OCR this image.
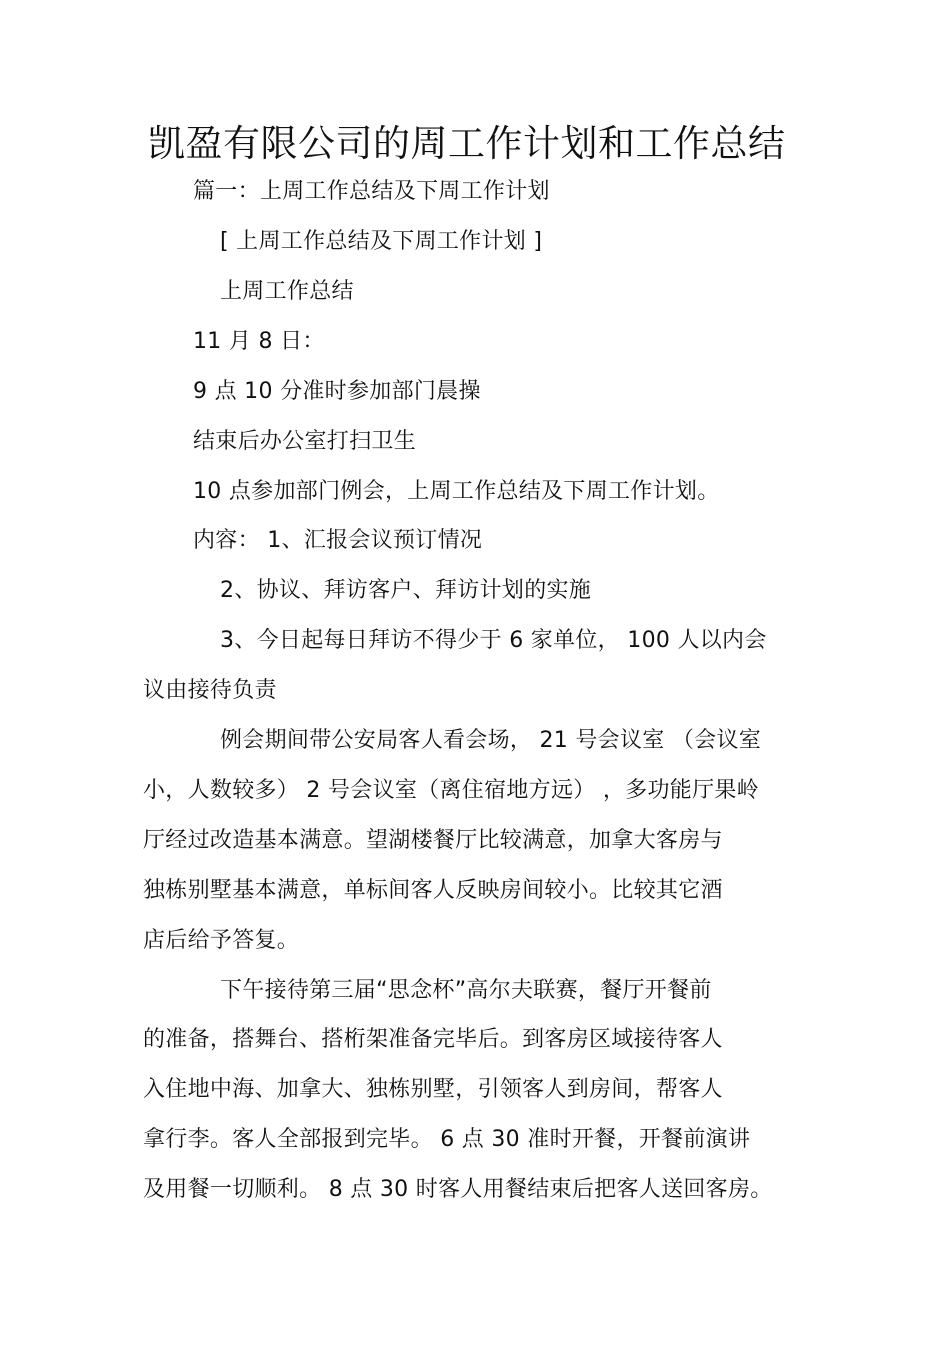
凯盈有限公司的周工作计划和工作总结
篇一：上周工作总结及下周工作计划
[ 上周工作总结及下周工作计划 ]
上周工作总结
11 月 8 日：
9 点 10 分准时参加部门晨操
结束后办公室打扫卫生
10 点参加部门例会，上周工作总结及下周工作计划。
内容： 1、汇报会议预订情况
2、协议、拜访客户、拜访计划的实施
3、今日起每日拜访不得少于 6 家单位， 100 人以内会
议由接待负责
例会期间带公安局客人看会场， 21 号会议室 （会议室
小，人数较多） 2 号会议室（离住宿地方远） ，多功能厅果岭
厅经过改造基本满意。望湖楼餐厅比较满意，加拿大客房与
独栋别墅基本满意，单标间客人反映房间较小。比较其它酒
店后给予答复。
下午接待第三届“思念杯”高尔夫联赛，餐厅开餐前
的准备，搭舞台、搭桁架准备完毕后。到客房区域接待客人
入住地中海、加拿大、独栋别墅，引领客人到房间，帮客人
拿行李。客人全部报到完毕。 6 点 30 准时开餐，开餐前演讲
及用餐一切顺利。 8 点 30 时客人用餐结束后把客人送回客房。
